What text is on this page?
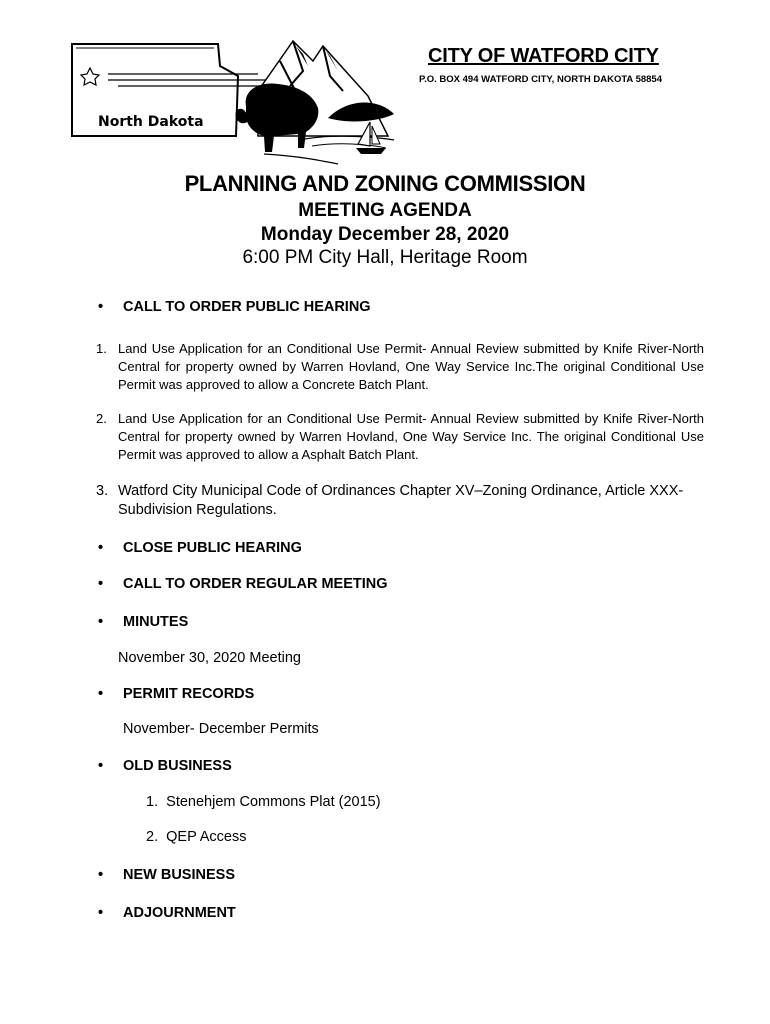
North Dakota
CITY OF WATFORD CITY
P.O. BOX 494 WATFORD CITY, NORTH DAKOTA 58854
PLANNING AND ZONING COMMISSION
MEETING AGENDA
Monday December 28, 2020
6:00 PM City Hall, Heritage Room
• CALL TO ORDER PUBLIC HEARING
1. Land Use Application for an Conditional Use Permit- Annual Review submitted by Knife River-North Central for property owned by Warren Hovland, One Way Service Inc.The original Conditional Use Permit was approved to allow a Concrete Batch Plant.
2. Land Use Application for an Conditional Use Permit- Annual Review submitted by Knife River-North Central for property owned by Warren Hovland, One Way Service Inc. The original Conditional Use Permit was approved to allow a Asphalt Batch Plant.
3. Watford City Municipal Code of Ordinances Chapter XV–Zoning Ordinance, Article XXX- Subdivision Regulations.
• CLOSE PUBLIC HEARING
• CALL TO ORDER REGULAR MEETING
• MINUTES
November 30, 2020 Meeting
• PERMIT RECORDS
November- December Permits
• OLD BUSINESS
1. Stenehjem Commons Plat (2015)
2. QEP Access
• NEW BUSINESS
• ADJOURNMENT
